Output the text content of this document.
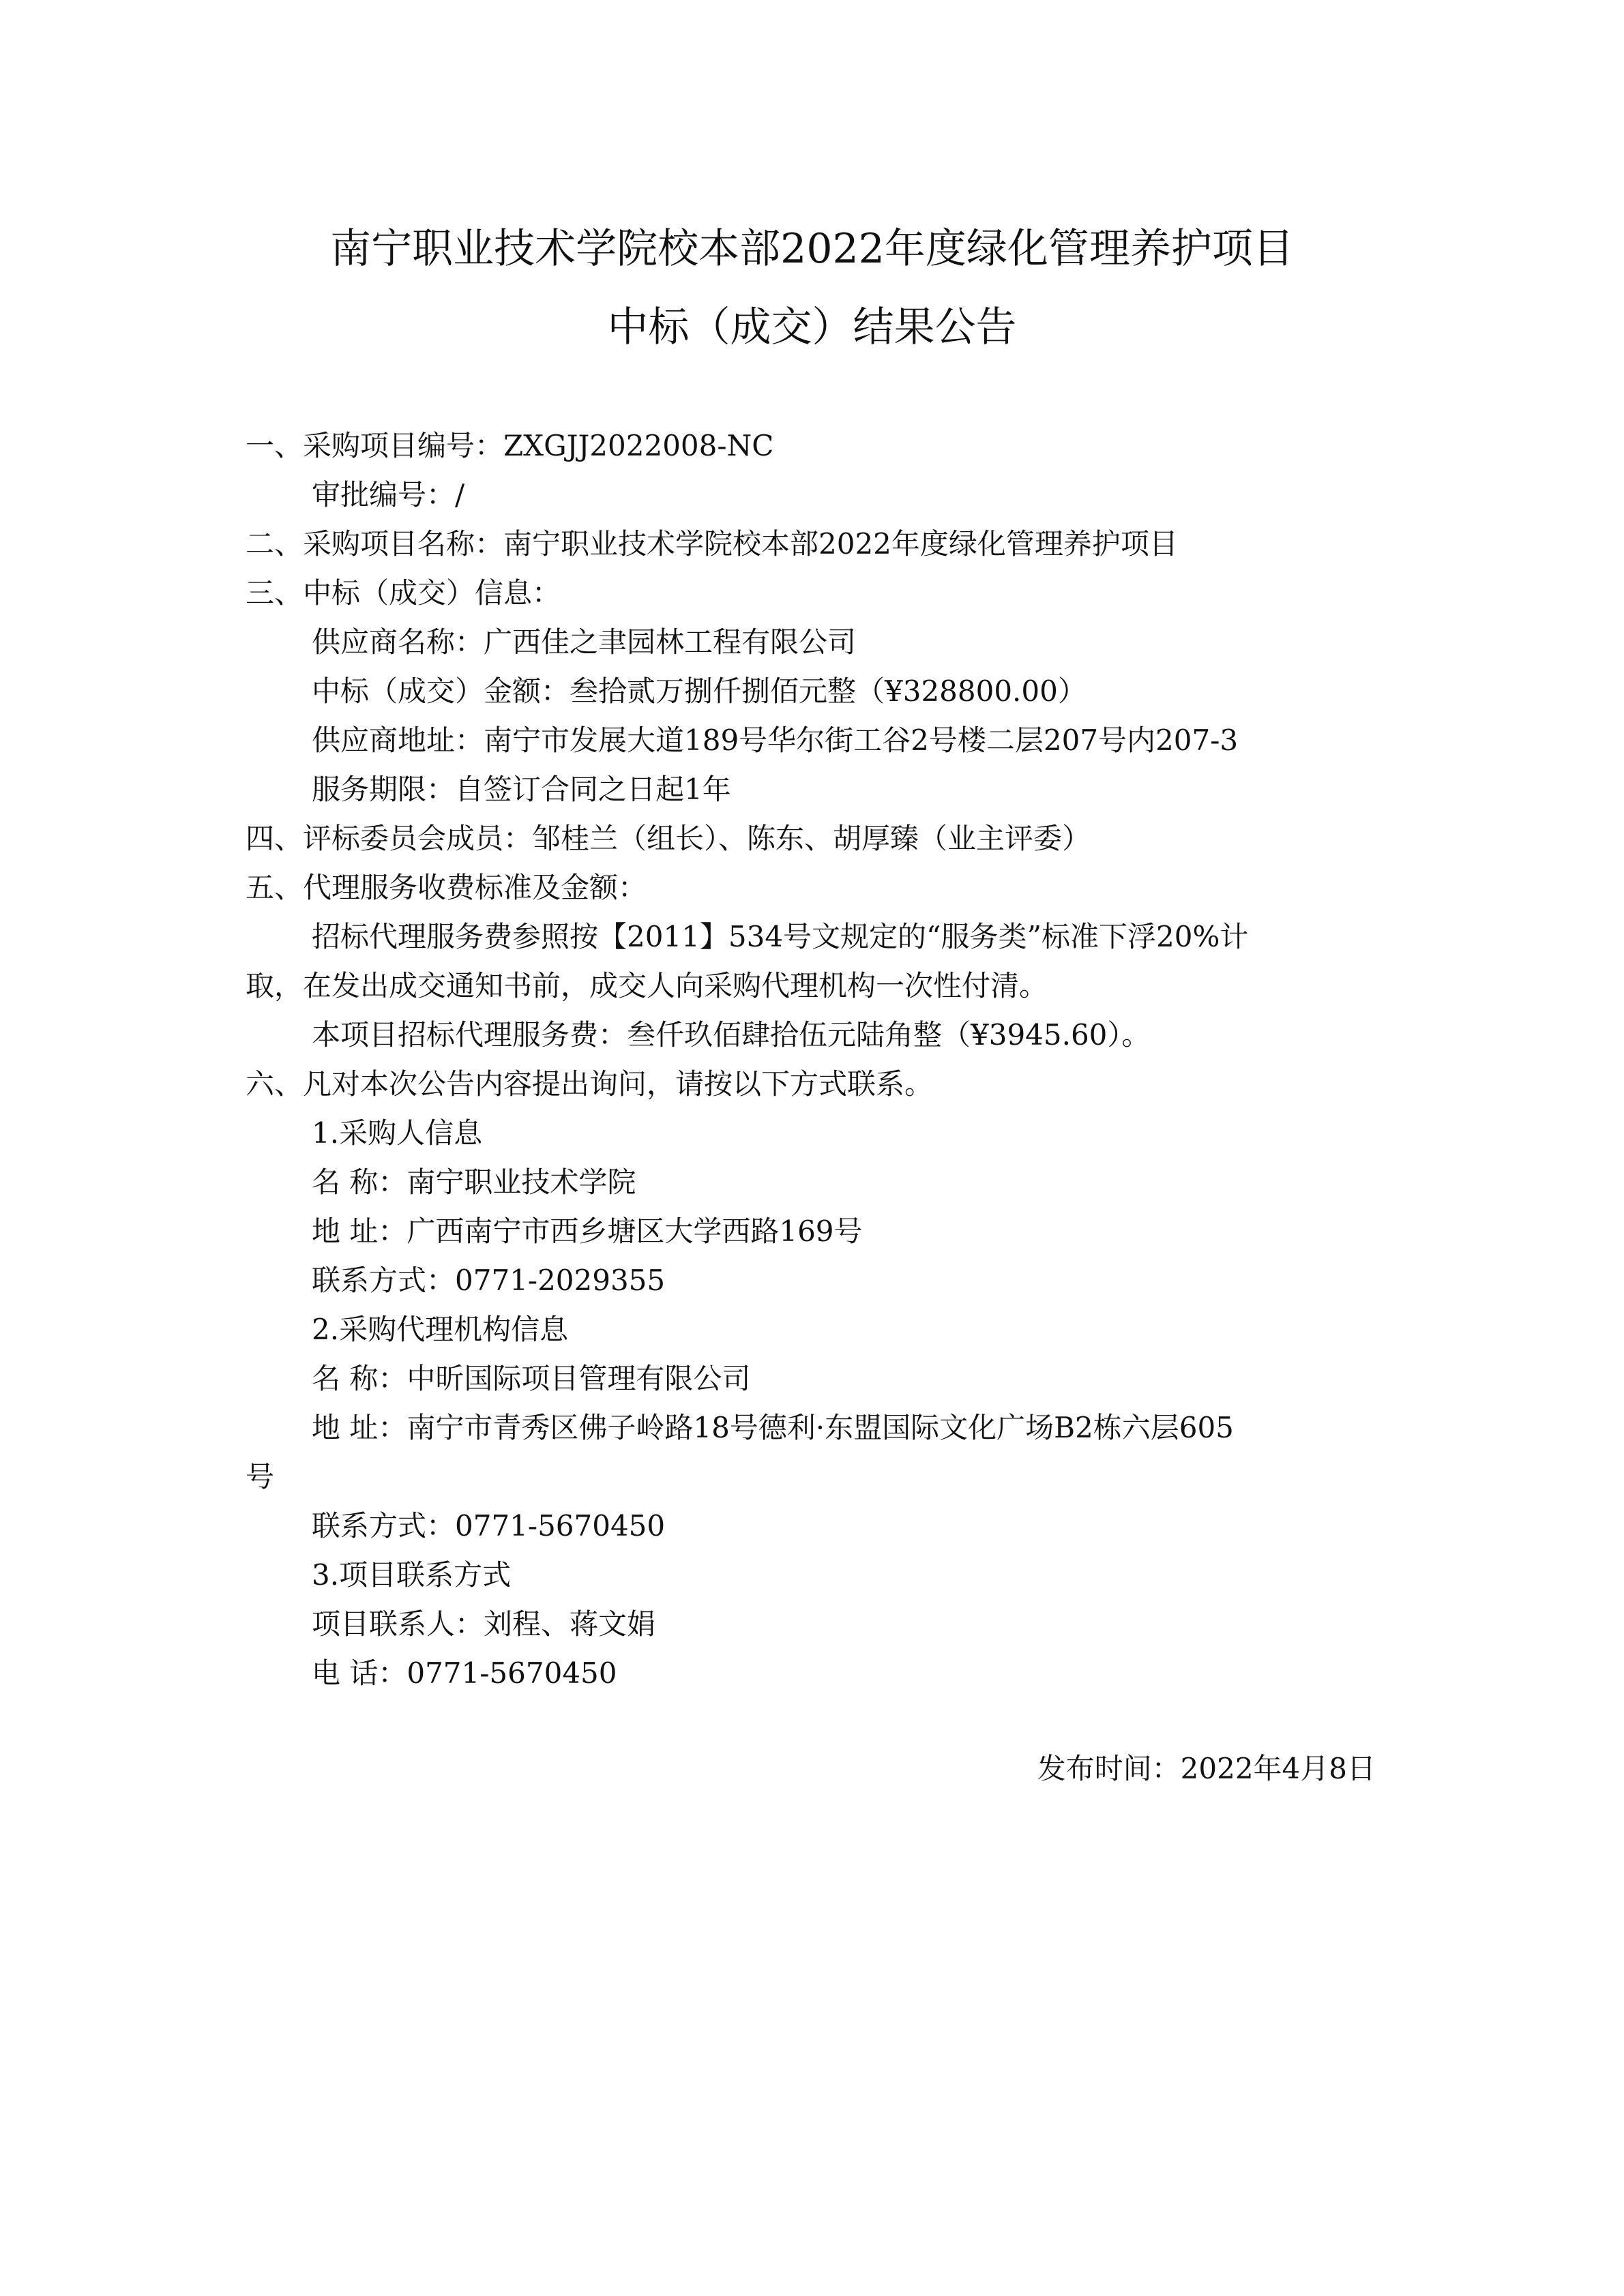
南宁职业技术学院校本部2022年度绿化管理养护项目
中标（成交）结果公告
一、采购项目编号：ZXGJJ2022008-NC
审批编号：/
二、采购项目名称：南宁职业技术学院校本部2022年度绿化管理养护项目
三、中标（成交）信息：
供应商名称：广西佳之聿园林工程有限公司
中标（成交）金额：叁拾贰万捌仟捌佰元整（¥328800.00）
供应商地址：南宁市发展大道189号华尔街工谷2号楼二层207号内207-3
服务期限：自签订合同之日起1年
四、评标委员会成员：邹桂兰（组长）、陈东、胡厚臻（业主评委）
五、代理服务收费标准及金额：
招标代理服务费参照按【2011】534号文规定的“服务类”标准下浮20%计
取，在发出成交通知书前，成交人向采购代理机构一次性付清。
本项目招标代理服务费：叁仟玖佰肆拾伍元陆角整（¥3945.60）。
六、凡对本次公告内容提出询问，请按以下方式联系。
1.采购人信息
名 称：南宁职业技术学院
地 址：广西南宁市西乡塘区大学西路169号
联系方式：0771-2029355
2.采购代理机构信息
名 称：中昕国际项目管理有限公司
地 址：南宁市青秀区佛子岭路18号德利·东盟国际文化广场B2栋六层605
号
联系方式：0771-5670450
3.项目联系方式
项目联系人：刘程、蒋文娟
电 话：0771-5670450
发布时间：2022年4月8日
